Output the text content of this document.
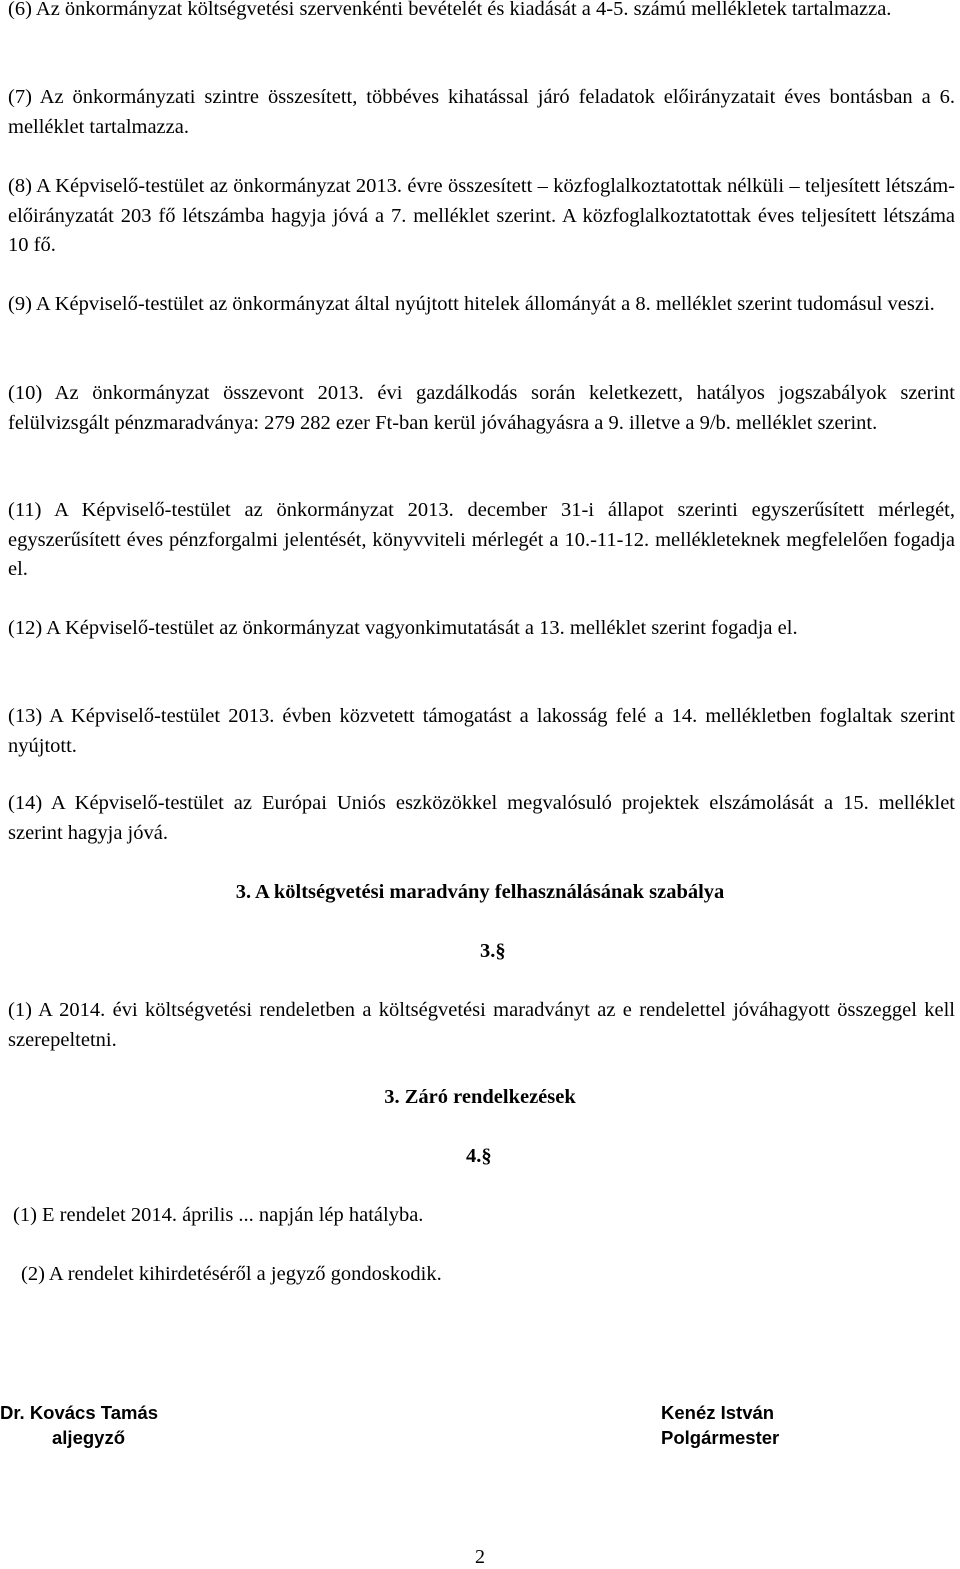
(6) Az önkormányzat költségvetési szervenkénti bevételét és kiadását a 4-5. számú mellékletek tartalmazza.

(7) Az önkormányzati szintre összesített, többéves kihatással járó feladatok előirányzatait éves bontásban a 6. melléklet tartalmazza.

(8) A Képviselő-testület az önkormányzat 2013. évre összesített – közfoglalkoztatottak nélküli – teljesített létszám-előirányzatát 203 fő létszámba hagyja jóvá a 7. melléklet szerint. A közfoglalkoztatottak éves teljesített létszáma 10 fő.

(9) A Képviselő-testület az önkormányzat által nyújtott hitelek állományát a 8. melléklet szerint tudomásul veszi.

(10) Az önkormányzat összevont 2013. évi gazdálkodás során keletkezett, hatályos jogszabályok szerint felülvizsgált pénzmaradványa: 279 282 ezer Ft-ban kerül jóváhagyásra a 9. illetve a 9/b. melléklet szerint.

(11) A Képviselő-testület az önkormányzat 2013. december 31-i állapot szerinti egyszerűsített mérlegét, egyszerűsített éves pénzforgalmi jelentését, könyvviteli mérlegét a 10.-11-12. mellékleteknek megfelelően fogadja el.

(12) A Képviselő-testület az önkormányzat vagyonkimutatását a 13. melléklet szerint fogadja el.

(13) A Képviselő-testület 2013. évben közvetett támogatást a lakosság felé a 14. mellékletben foglaltak szerint nyújtott.

(14) A Képviselő-testület az Európai Uniós eszközökkel megvalósuló projektek elszámolását a 15. melléklet szerint hagyja jóvá.

3. A költségvetési maradvány felhasználásának szabálya

3.§

(1) A 2014. évi költségvetési rendeletben a költségvetési maradványt az e rendelettel jóváhagyott összeggel kell szerepeltetni.

3. Záró rendelkezések

4.§

(1) E rendelet 2014. április ... napján lép hatályba.

(2) A rendelet kihirdetéséről a jegyző gondoskodik.

Dr. Kovács Tamás

aljegyző

Kenéz István

Polgármester

2
